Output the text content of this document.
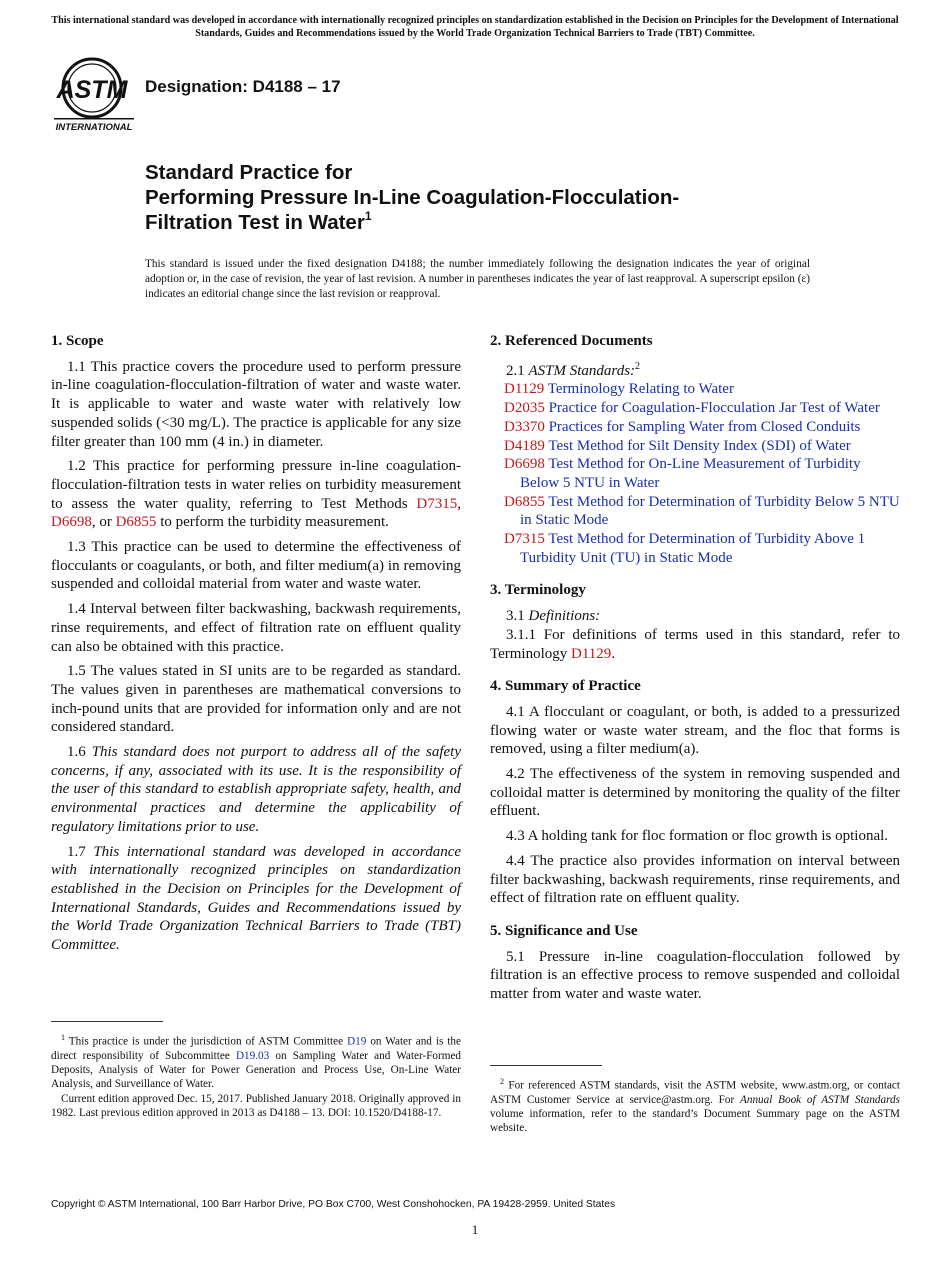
This international standard was developed in accordance with internationally recognized principles on standardization established in the Decision on Principles for the Development of International Standards, Guides and Recommendations issued by the World Trade Organization Technical Barriers to Trade (TBT) Committee.
ASTM
INTERNATIONAL
Designation: D4188 – 17
Standard Practice for
Performing Pressure In-Line Coagulation-Flocculation-
Filtration Test in Water$^1$
This standard is issued under the fixed designation D4188; the number immediately following the designation indicates the year of original adoption or, in the case of revision, the year of last revision. A number in parentheses indicates the year of last reapproval. A superscript epsilon (ε) indicates an editorial change since the last revision or reapproval.
1. Scope

1.1 This practice covers the procedure used to perform pressure in-line coagulation-flocculation-filtration of water and waste water. It is applicable to water and waste water with relatively low suspended solids (<30 mg/L). The practice is applicable for any size filter greater than 100 mm (4 in.) in diameter.

1.2 This practice for performing pressure in-line coagulation-flocculation-filtration tests in water relies on turbidity measurement to assess the water quality, referring to Test Methods D7315, D6698, or D6855 to perform the turbidity measurement.

1.3 This practice can be used to determine the effectiveness of flocculants or coagulants, or both, and filter medium(a) in removing suspended and colloidal material from water and waste water.

1.4 Interval between filter backwashing, backwash requirements, rinse requirements, and effect of filtration rate on effluent quality can also be obtained with this practice.

1.5 The values stated in SI units are to be regarded as standard. The values given in parentheses are mathematical conversions to inch-pound units that are provided for information only and are not considered standard.

1.6 This standard does not purport to address all of the safety concerns, if any, associated with its use. It is the responsibility of the user of this standard to establish appropriate safety, health, and environmental practices and determine the applicability of regulatory limitations prior to use.

1.7 This international standard was developed in accordance with internationally recognized principles on standardization established in the Decision on Principles for the Development of International Standards, Guides and Recommendations issued by the World Trade Organization Technical Barriers to Trade (TBT) Committee.

2. Referenced Documents

2.1 ASTM Standards:$^2$

D1129 Terminology Relating to Water
D2035 Practice for Coagulation-Flocculation Jar Test of Water
D3370 Practices for Sampling Water from Closed Conduits
D4189 Test Method for Silt Density Index (SDI) of Water
D6698 Test Method for On-Line Measurement of Turbidity Below 5 NTU in Water
D6855 Test Method for Determination of Turbidity Below 5 NTU in Static Mode
D7315 Test Method for Determination of Turbidity Above 1 Turbidity Unit (TU) in Static Mode
3. Terminology

3.1 Definitions:

3.1.1 For definitions of terms used in this standard, refer to Terminology D1129.

4. Summary of Practice

4.1 A flocculant or coagulant, or both, is added to a pressurized flowing water or waste water stream, and the floc that forms is removed, using a filter medium(a).

4.2 The effectiveness of the system in removing suspended and colloidal matter is determined by monitoring the quality of the filter effluent.

4.3 A holding tank for floc formation or floc growth is optional.

4.4 The practice also provides information on interval between filter backwashing, backwash requirements, rinse requirements, and effect of filtration rate on effluent quality.

5. Significance and Use

5.1 Pressure in-line coagulation-flocculation followed by filtration is an effective process to remove suspended and colloidal matter from water and waste water.

$^1$ This practice is under the jurisdiction of ASTM Committee D19 on Water and is the direct responsibility of Subcommittee D19.03 on Sampling Water and Water-Formed Deposits, Analysis of Water for Power Generation and Process Use, On-Line Water Analysis, and Surveillance of Water.

Current edition approved Dec. 15, 2017. Published January 2018. Originally approved in 1982. Last previous edition approved in 2013 as D4188 – 13. DOI: 10.1520/D4188-17.

$^2$ For referenced ASTM standards, visit the ASTM website, www.astm.org, or contact ASTM Customer Service at service@astm.org. For Annual Book of ASTM Standards volume information, refer to the standard’s Document Summary page on the ASTM website.

Copyright © ASTM International, 100 Barr Harbor Drive, PO Box C700, West Conshohocken, PA 19428-2959. United States
1
